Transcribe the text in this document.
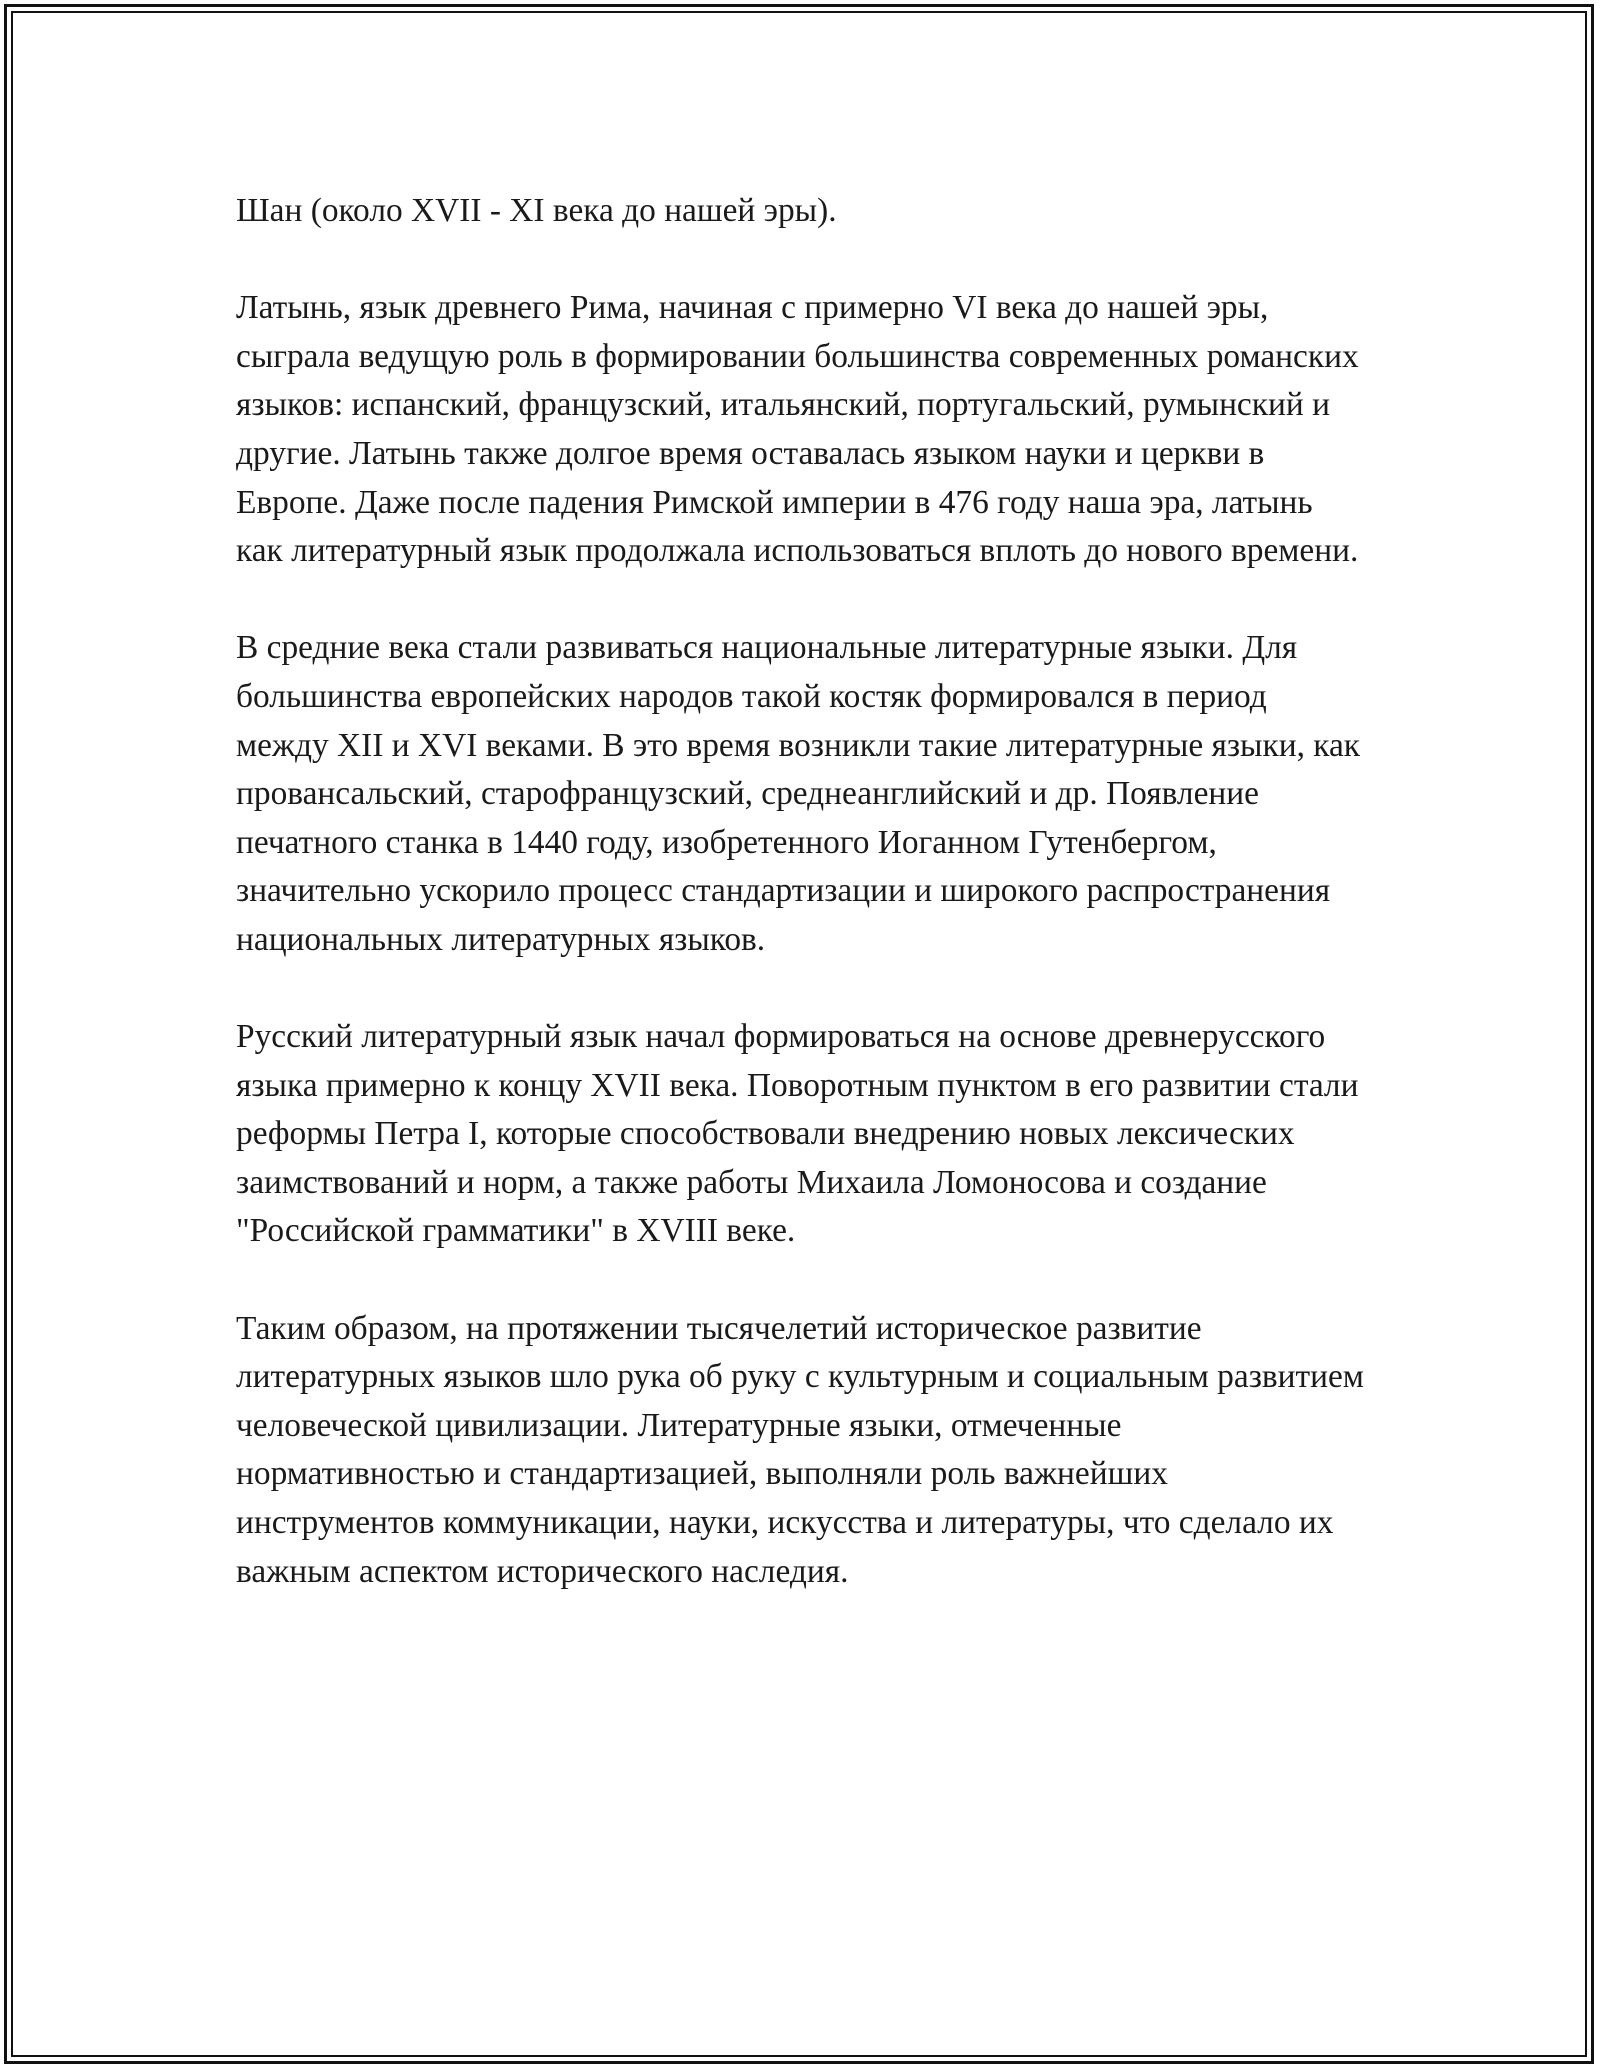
Шан (около XVII - XI века до нашей эры).

Латынь, язык древнего Рима, начиная с примерно VI века до нашей эры, сыграла ведущую роль в формировании большинства современных романских языков: испанский, французский, итальянский, португальский, румынский и другие. Латынь также долгое время оставалась языком науки и церкви в Европе. Даже после падения Римской империи в 476 году наша эра, латынь как литературный язык продолжала использоваться вплоть до нового времени.

В средние века стали развиваться национальные литературные языки. Для большинства европейских народов такой костяк формировался в период между XII и XVI веками. В это время возникли такие литературные языки, как провансальский, старофранцузский, среднеанглийский и др. Появление печатного станка в 1440 году, изобретенного Иоганном Гутенбергом, значительно ускорило процесс стандартизации и широкого распространения национальных литературных языков.

Русский литературный язык начал формироваться на основе древнерусского языка примерно к концу XVII века. Поворотным пунктом в его развитии стали реформы Петра I, которые способствовали внедрению новых лексических заимствований и норм, а также работы Михаила Ломоносова и создание "Российской грамматики" в XVIII веке.

Таким образом, на протяжении тысячелетий историческое развитие литературных языков шло рука об руку с культурным и социальным развитием человеческой цивилизации. Литературные языки, отмеченные нормативностью и стандартизацией, выполняли роль важнейших инструментов коммуникации, науки, искусства и литературы, что сделало их важным аспектом исторического наследия.
